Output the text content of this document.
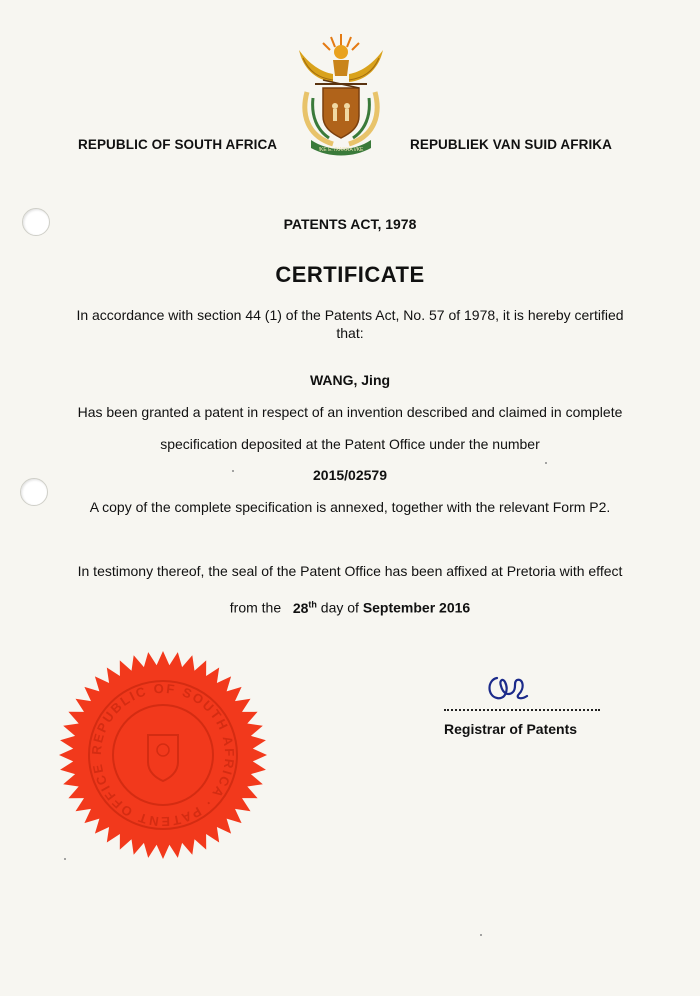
!KE E: /XARRA //KE
REPUBLIC OF SOUTH AFRICA	REPUBLIEK VAN SUID AFRIKA
PATENTS ACT, 1978
CERTIFICATE
In accordance with section 44 (1) of the Patents Act, No. 57 of 1978, it is hereby certified that:
WANG, Jing
Has been granted a patent in respect of an invention described and claimed in complete
specification deposited at the Patent Office under the number
2015/02579
A copy of the complete specification is annexed, together with the relevant Form P2.
In testimony thereof, the seal of the Patent Office has been affixed at Pretoria with effect
from the 28th day of September 2016
REPUBLIC OF SOUTH AFRICA · PATENT OFFICE
Registrar of Patents
